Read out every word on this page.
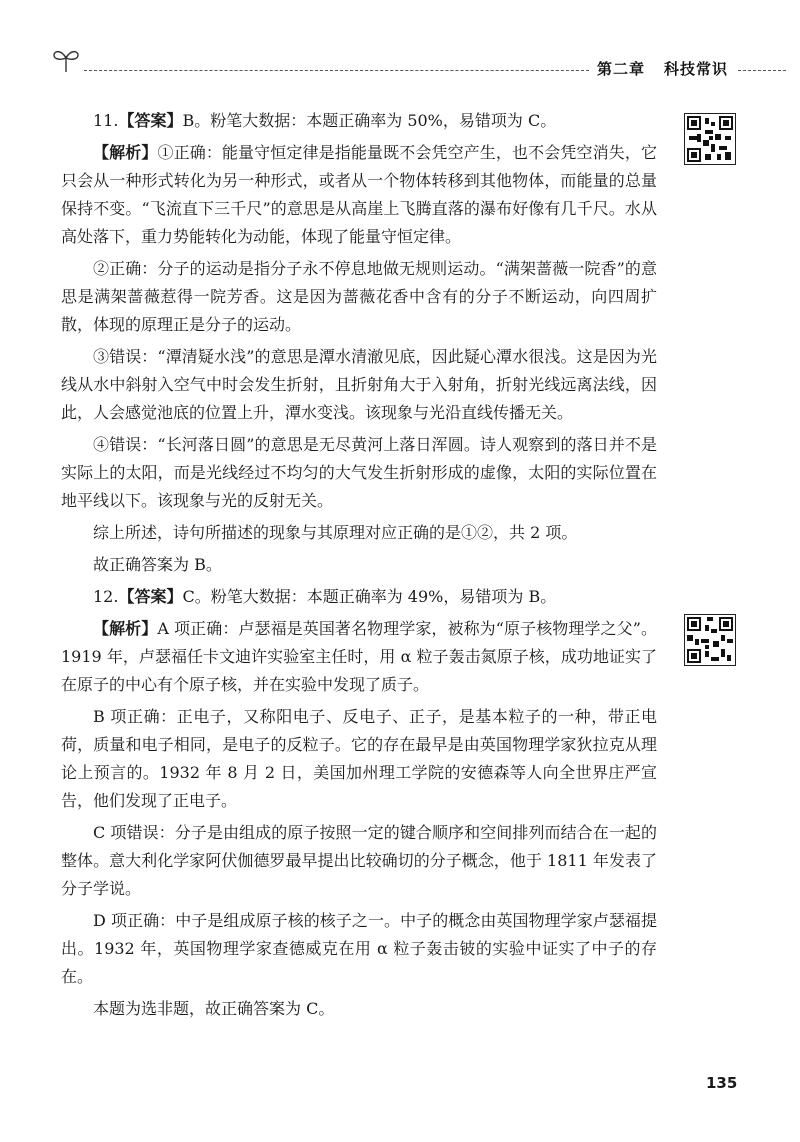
第二章 科技常识

11.【答案】B。粉笔大数据：本题正确率为 50%，易错项为 C。

【解析】①正确：能量守恒定律是指能量既不会凭空产生，也不会凭空消失，它只会从一种形式转化为另一种形式，或者从一个物体转移到其他物体，而能量的总量保持不变。“飞流直下三千尺”的意思是从高崖上飞腾直落的瀑布好像有几千尺。水从高处落下，重力势能转化为动能，体现了能量守恒定律。

②正确：分子的运动是指分子永不停息地做无规则运动。“满架蔷薇一院香”的意思是满架蔷薇惹得一院芳香。这是因为蔷薇花香中含有的分子不断运动，向四周扩散，体现的原理正是分子的运动。

③错误：“潭清疑水浅”的意思是潭水清澈见底，因此疑心潭水很浅。这是因为光线从水中斜射入空气中时会发生折射，且折射角大于入射角，折射光线远离法线，因此，人会感觉池底的位置上升，潭水变浅。该现象与光沿直线传播无关。

④错误：“长河落日圆”的意思是无尽黄河上落日浑圆。诗人观察到的落日并不是实际上的太阳，而是光线经过不均匀的大气发生折射形成的虚像，太阳的实际位置在地平线以下。该现象与光的反射无关。

综上所述，诗句所描述的现象与其原理对应正确的是①②，共 2 项。

故正确答案为 B。

12.【答案】C。粉笔大数据：本题正确率为 49%，易错项为 B。

【解析】A 项正确：卢瑟福是英国著名物理学家，被称为“原子核物理学之父”。1919 年，卢瑟福任卡文迪许实验室主任时，用 α 粒子轰击氮原子核，成功地证实了在原子的中心有个原子核，并在实验中发现了质子。

B 项正确：正电子，又称阳电子、反电子、正子，是基本粒子的一种，带正电荷，质量和电子相同，是电子的反粒子。它的存在最早是由英国物理学家狄拉克从理论上预言的。1932 年 8 月 2 日，美国加州理工学院的安德森等人向全世界庄严宣告，他们发现了正电子。

C 项错误：分子是由组成的原子按照一定的键合顺序和空间排列而结合在一起的整体。意大利化学家阿伏伽德罗最早提出比较确切的分子概念，他于 1811 年发表了分子学说。

D 项正确：中子是组成原子核的核子之一。中子的概念由英国物理学家卢瑟福提出。1932 年，英国物理学家查德威克在用 α 粒子轰击铍的实验中证实了中子的存在。

本题为选非题，故正确答案为 C。

135
